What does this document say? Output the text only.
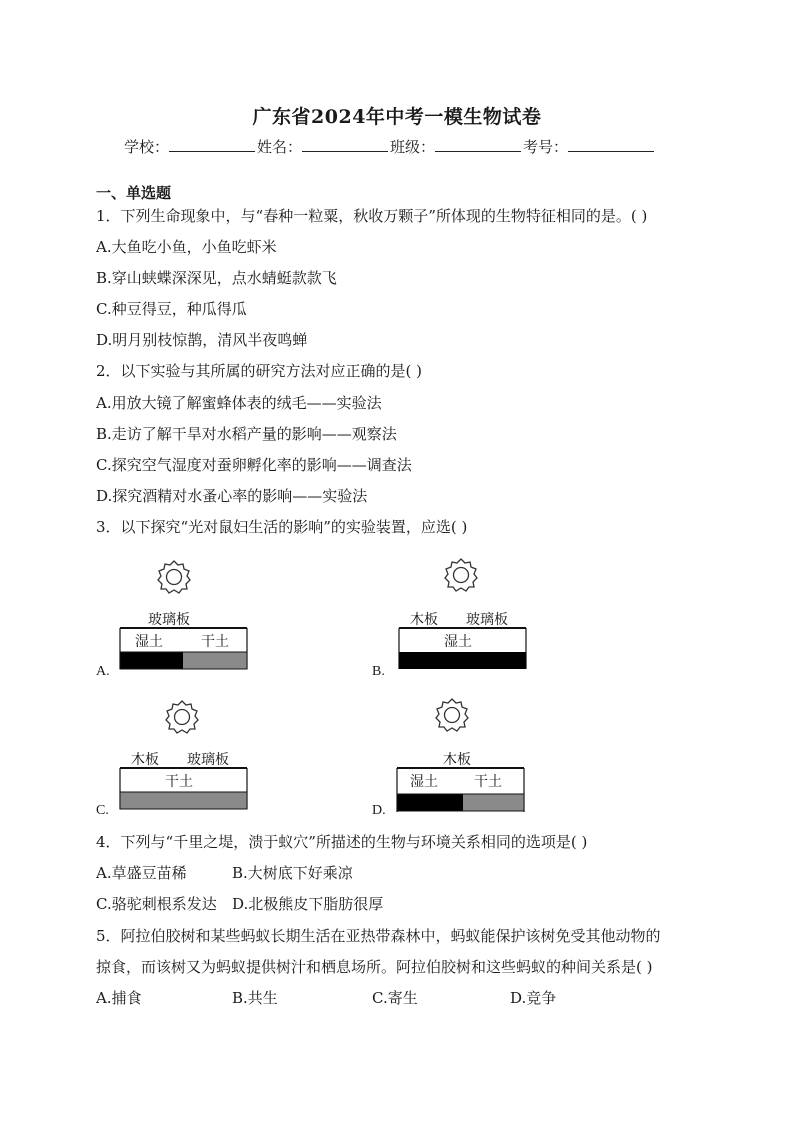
广东省2024年中考一模生物试卷
学校：	姓名：	班级：	考号：
一、单选题
1．下列生命现象中，与“春种一粒粟，秋收万颗子”所体现的生物特征相同的是。( )
A.大鱼吃小鱼，小鱼吃虾米
B.穿山蛱蝶深深见，点水蜻蜓款款飞
C.种豆得豆，种瓜得瓜
D.明月别枝惊鹊，清风半夜鸣蝉
2．以下实验与其所属的研究方法对应正确的是( )
A.用放大镜了解蜜蜂体表的绒毛——实验法
B.走访了解干旱对水稻产量的影响——观察法
C.探究空气湿度对蚕卵孵化率的影响——调查法
D.探究酒精对水蚤心率的影响——实验法
3．以下探究“光对鼠妇生活的影响”的实验装置，应选( )
玻璃板
湿土	干土
A.
木板 玻璃板
湿土
B.
木板 玻璃板
干土
C.
木板
湿土	干土
D.
4．下列与“千里之堤，溃于蚁穴”所描述的生物与环境关系相同的选项是( )
A.草盛豆苗稀	B.大树底下好乘凉
C.骆驼刺根系发达 D.北极熊皮下脂肪很厚
5．阿拉伯胶树和某些蚂蚁长期生活在亚热带森林中，蚂蚁能保护该树免受其他动物的
掠食，而该树又为蚂蚁提供树汁和栖息场所。阿拉伯胶树和这些蚂蚁的种间关系是( )
A.捕食	B.共生	C.寄生	D.竞争
